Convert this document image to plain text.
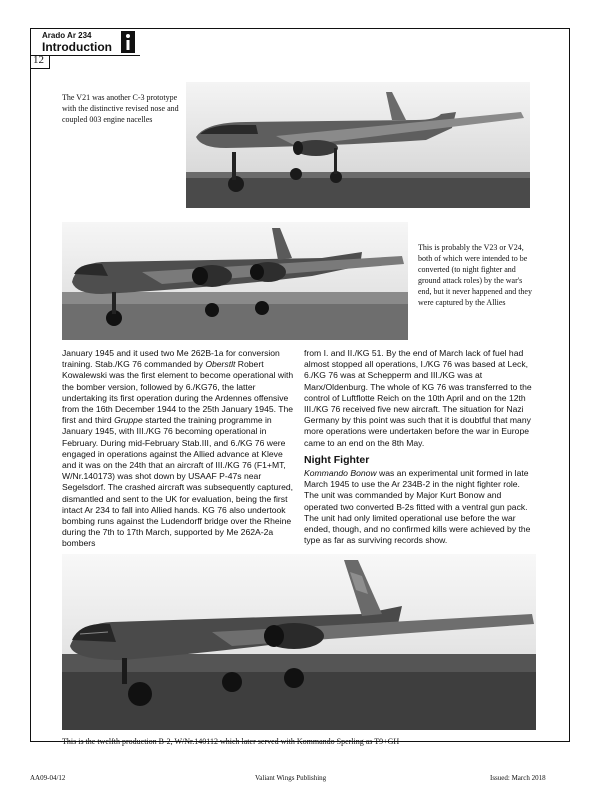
Arado Ar 234
Introduction
12
The V21 was another C-3 prototype with the distinctive revised nose and coupled 003 engine nacelles
This is probably the V23 or V24, both of which were intended to be converted (to night fighter and ground attack roles) by the war's end, but it never happened and they were captured by the Allies

January 1945 and it used two Me 262B-1a for conversion training. Stab./KG 76 commanded by Oberstlt Robert Kowalewski was the first element to become operational with the bomber version, followed by 6./KG76, the latter undertaking its first operation during the Ardennes offensive from the 16th December 1944 to the 25th January 1945. The first and third Gruppe started the training programme in January 1945, with III./KG 76 becoming operational in February. During mid-February Stab.III, and 6./KG 76 were engaged in operations against the Allied advance at Kleve and it was on the 24th that an aircraft of III./KG 76 (F1+MT, W/Nr.140173) was shot down by USAAF P-47s near Segelsdorf. The crashed aircraft was subsequently captured, dismantled and sent to the UK for evaluation, being the first intact Ar 234 to fall into Allied hands. KG 76 also undertook bombing runs against the Ludendorff bridge over the Rheine during the 7th to 17th March, supported by Me 262A-2a bombers

from I. and II./KG 51. By the end of March lack of fuel had almost stopped all operations, I./KG 76 was based at Leck, 6./KG 76 was at Schepperm and III./KG was at Marx/Oldenburg. The whole of KG 76 was transferred to the control of Luftflotte Reich on the 10th April and on the 12th III./KG 76 received five new aircraft. The situation for Nazi Germany by this point was such that it is doubtful that many more operations were undertaken before the war in Europe came to an end on the 8th May.

Night Fighter

Kommando Bonow was an experimental unit formed in late March 1945 to use the Ar 234B-2 in the night fighter role. The unit was commanded by Major Kurt Bonow and operated two converted B-2s fitted with a ventral gun pack. The unit had only limited operational use before the war ended, though, and no confirmed kills were achieved by the type as far as surviving records show.

This is the twelfth production B-2, W/Nr.140112 which later served with Kommando Sperling as T9+GH
AA09-04/12	Valiant Wings Publishing	Issued: March 2018
